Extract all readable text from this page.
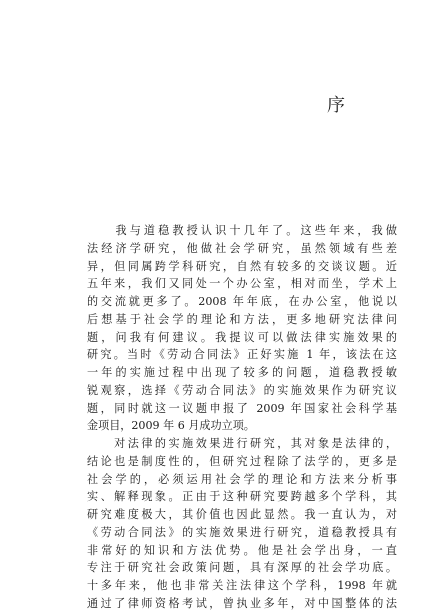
序
　　我与道稳教授认识十几年了。这些年来，我做
法经济学研究，他做社会学研究，虽然领域有些差
异，但同属跨学科研究，自然有较多的交谈议题。近
五年来，我们又同处一个办公室，相对而坐，学术上
的交流就更多了。2008 年年底，在办公室，他说以
后想基于社会学的理论和方法，更多地研究法律问
题，问我有何建议。我提议可以做法律实施效果的
研究。当时《劳动合同法》正好实施 1 年，该法在这
一年的实施过程中出现了较多的问题，道稳教授敏
锐观察，选择《劳动合同法》的实施效果作为研究议
题，同时就这一议题申报了 2009 年国家社会科学基
金项目，2009 年 6 月成功立项。
　　对法律的实施效果进行研究，其对象是法律的，
结论也是制度性的，但研究过程除了法学的，更多是
社会学的，必须运用社会学的理论和方法来分析事
实、解释现象。正由于这种研究要跨越多个学科，其
研究难度极大，其价值也因此显然。我一直认为，对
《劳动合同法》的实施效果进行研究，道稳教授具有
非常好的知识和方法优势。他是社会学出身，一直
专注于研究社会政策问题，具有深厚的社会学功底。
十多年来，他也非常关注法律这个学科，1998 年就
通过了律师资格考试，曾执业多年，对中国整体的法
